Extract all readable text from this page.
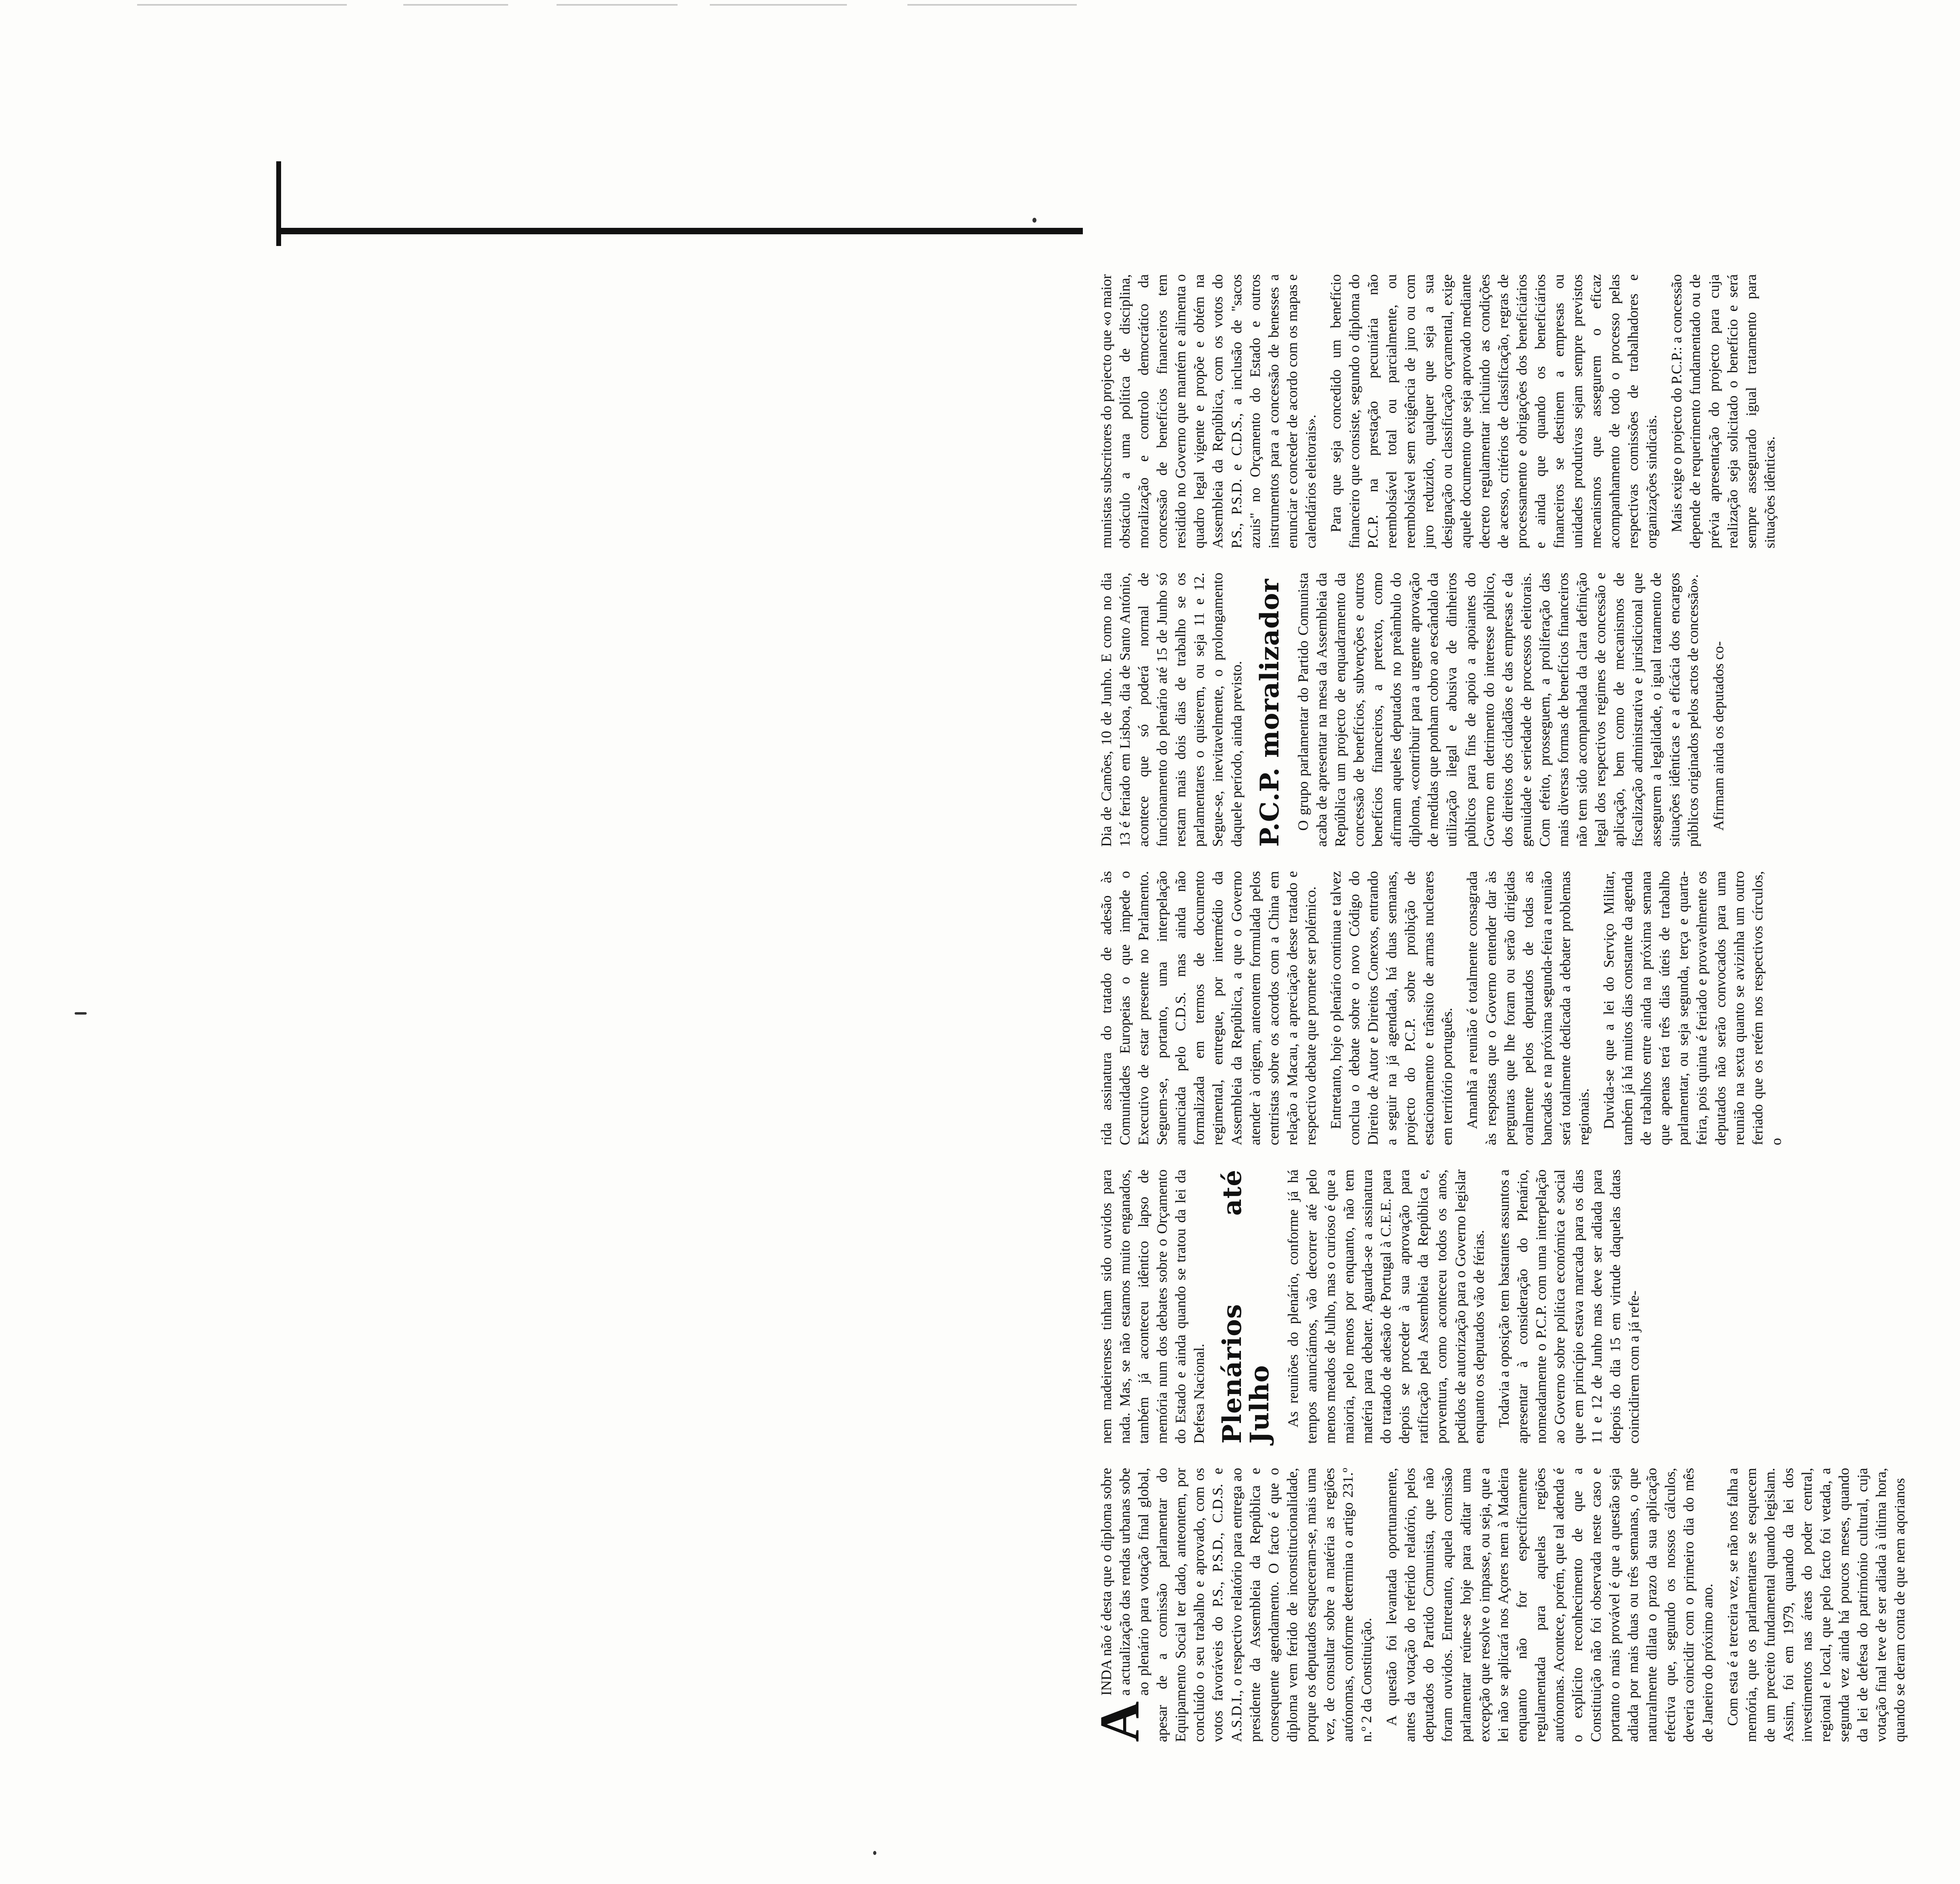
A
INDA não é desta que o diploma sobre a actualização das rendas urbanas sobe ao plenário para votação final global, apesar de a comissão parlamentar do Equipamento Social ter dado, anteontem, por concluído o seu trabalho e aprovado, com os votos favoráveis do P.S., P.S.D., C.D.S. e A.S.D.I., o respectivo relatório para entrega ao presidente da Assembleia da República e consequente agendamento. O facto é que o diploma vem ferido de inconstitucionalidade, porque os deputados esqueceram-se, mais uma vez, de consultar sobre a matéria as regiões autónomas, conforme determina o artigo 231.º n.º 2 da Constituição. A questão foi levantada oportunamente, antes da votação do referido relatório, pelos deputados do Partido Comunista, que não foram ouvidos. Entretanto, aquela comissão parlamentar reúne-se hoje para aditar uma excepção que resolve o impasse, ou seja, que a lei não se aplicará nos Açores nem à Madeira enquanto não for especificamente regulamentada para aquelas regiões autónomas. Acontece, porém, que tal adenda é o explícito reconhecimento de que a Constituição não foi observada neste caso e portanto o mais provável é que a questão seja adiada por mais duas ou três semanas, o que naturalmente dilata o prazo da sua aplicação efectiva que, segundo os nossos cálculos, deveria coincidir com o primeiro dia do mês de Janeiro do próximo ano. Com esta é a terceira vez, se não nos falha a memória, que os parlamentares se esquecem de um preceito fundamental quando legislam. Assim, foi em 1979, quando da lei dos investimentos nas áreas do poder central, regional e local, que pelo facto foi vetada, a segunda vez ainda há poucos meses, quando da lei de defesa do património cultural, cuja votação final teve de ser adiada à última hora, quando se deram conta de que nem aqorianos

nem madeirenses tinham sido ouvidos para nada. Mas, se não estamos muito enganados, também já aconteceu idêntico lapso de memória num dos debates sobre o Orçamento do Estado e ainda quando se tratou da lei da Defesa Nacional. Plenários até Julho As reuniões do plenário, conforme já há tempos anunciámos, vão decorrer até pelo menos meados de Julho, mas o curioso é que a maioria, pelo menos por enquanto, não tem matéria para debater. Aguarda-se a assinatura do tratado de adesão de Portugal à C.E.E. para depois se proceder à sua aprovação para ratificação pela Assembleia da República e, porventura, como aconteceu todos os anos, pedidos de autorização para o Governo legislar enquanto os deputados vão de férias. Todavia a oposição tem bastantes assuntos a apresentar à consideração do Plenário, nomeadamente o P.C.P. com uma interpelação ao Governo sobre política económica e social que em princípio estava marcada para os dias 11 e 12 de Junho mas deve ser adiada para depois do dia 15 em virtude daquelas datas coincidirem com a já refe-

rida assinatura do tratado de adesão às Comunidades Europeias o que impede o Executivo de estar presente no Parlamento. Seguem-se, portanto, uma interpelação anunciada pelo C.D.S. mas ainda não formalizada em termos de documento regimental, entregue, por intermédio da Assembleia da República, a que o Governo atender à origem, anteontem formulada pelos centristas sobre os acordos com a China em relação a Macau, a apreciação desse tratado e respectivo debate que promete ser polémico. Entretanto, hoje o plenário continua e talvez conclua o debate sobre o novo Código do Direito de Autor e Direitos Conexos, entrando a seguir na já agendada, há duas semanas, projecto do P.C.P. sobre proibição de estacionamento e trânsito de armas nucleares em território português. Amanhã a reunião é totalmente consagrada às respostas que o Governo entender dar às perguntas que lhe foram ou serão dirigidas oralmente pelos deputados de todas as bancadas e na próxima segunda-feira a reunião será totalmente dedicada a debater problemas regionais. Duvida-se que a lei do Serviço Militar, também já há muitos dias constante da agenda de trabalhos entre ainda na próxima semana que apenas terá três dias úteis de trabalho parlamentar, ou seja segunda, terça e quarta-feira, pois quinta é feriado e provavelmente os deputados não serão convocados para uma reunião na sexta quanto se avizinha um outro feriado que os retém nos respectivos círculos, o

Dia de Camões, 10 de Junho. E como no dia 13 é feriado em Lisboa, dia de Santo António, acontece que só poderá normal de funcionamento do plenário até 15 de Junho só restam mais dois dias de trabalho se os parlamentares o quiserem, ou seja 11 e 12. Segue-se, inevitavelmente, o prolongamento daquele período, ainda previsto. P.C.P. moralizador O grupo parlamentar do Partido Comunista acaba de apresentar na mesa da Assembleia da República um projecto de enquadramento da concessão de benefícios, subvenções e outros benefícios financeiros, a pretexto, como afirmam aqueles deputados no preâmbulo do diploma, «contribuir para a urgente aprovação de medidas que ponham cobro ao escândalo da utilização ilegal e abusiva de dinheiros públicos para fins de apoio a apoiantes do Governo em detrimento do interesse público, dos direitos dos cidadãos e das empresas e da genuidade e seriedade de processos eleitorais. Com efeito, prosseguem, a proliferação das mais diversas formas de benefícios financeiros não tem sido acompanhada da clara definição legal dos respectivos regimes de concessão e aplicação, bem como de mecanismos de fiscalização administrativa e jurisdicional que assegurem a legalidade, o igual tratamento de situações idênticas e a eficácia dos encargos públicos originados pelos actos de concessão». Afirmam ainda os deputados co-

munistas subscritores do projecto que «o maior obstáculo a uma política de disciplina, moralização e controlo democrático da concessão de benefícios financeiros tem residido no Governo que mantém e alimenta o quadro legal vigente e propõe e obtém na Assembleia da República, com os votos do P.S., P.S.D. e C.D.S., a inclusão de "sacos azuis" no Orçamento do Estado e outros instrumentos para a concessão de benesses a enunciar e conceder de acordo com os mapas e calendários eleitorais». Para que seja concedido um benefício financeiro que consiste, segundo o diploma do P.C.P. na prestação pecuniária não reembolsável total ou parcialmente, ou reembolsável sem exigência de juro ou com juro reduzido, qualquer que seja a sua designação ou classificação orçamental, exige aquele documento que seja aprovado mediante decreto regulamentar incluindo as condições de acesso, critérios de classificação, regras de processamento e obrigações dos beneficiários e ainda que quando os beneficiários financeiros se destinem a empresas ou unidades produtivas sejam sempre previstos mecanismos que assegurem o eficaz acompanhamento de todo o processo pelas respectivas comissões de trabalhadores e organizações sindicais. Mais exige o projecto do P.C.P.: a concessão depende de requerimento fundamentado ou de prévia apresentação do projecto para cuja realização seja solicitado o benefício e será sempre assegurado igual tratamento para situações idênticas.
